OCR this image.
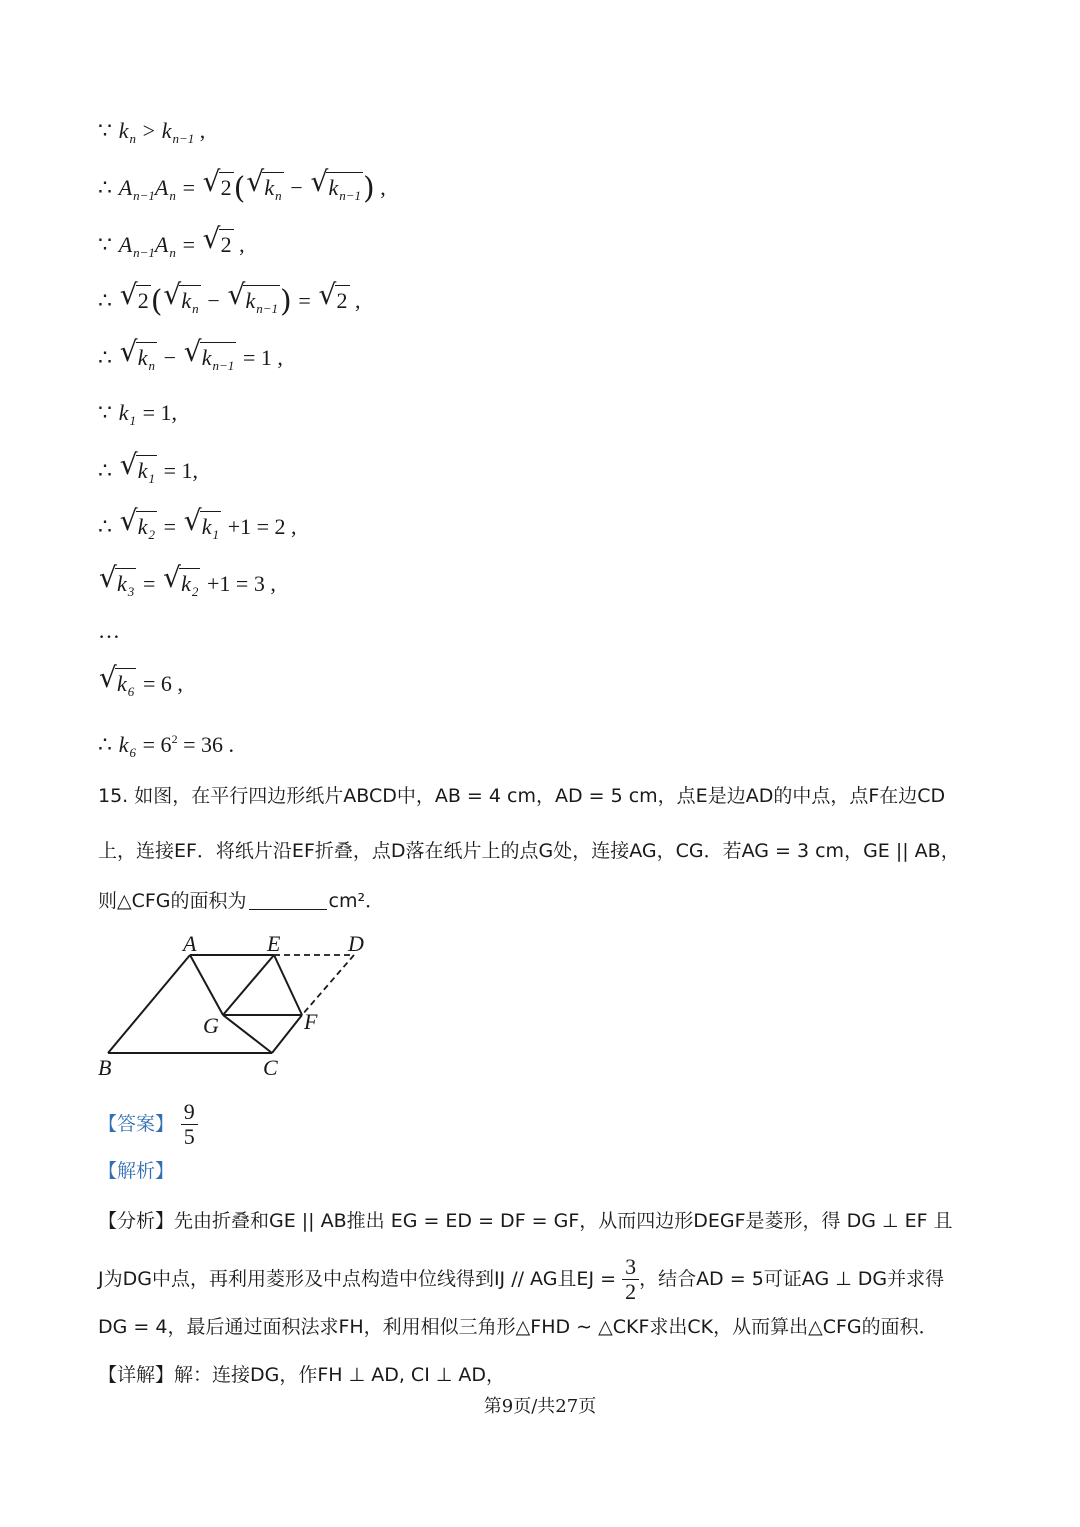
∵ $k_n > k_{n-1}$ ,
∴ $A_{n-1}A_n$ = √ 2( √ $k_n$ − √ $k_{n-1}$) ,
∵ $A_{n-1}A_n$ = √ 2 ,
∴ √ 2( √ $k_n$ − √ $k_{n-1}$) = √ 2 ,
∴ √ $k_n$ − √ $k_{n-1} = 1$ ,
∵ $k_1 = 1$,
∴ √ $k_1 = 1$,
∴ √ $k_2$ = √ $k_1 +1 = 2$ ,
√ $k_3$ = √ $k_2 +1 = 3$ ,
…
√ $k_6 = 6$ ,
∴ $k_6 = 6^2 = 36$ .
15. 如图，在平行四边形纸片ABCD中，AB = 4 cm，AD = 5 cm，点E是边AD的中点，点F在边CD
上，连接EF．将纸片沿EF折叠，点D落在纸片上的点G处，连接AG，CG．若AG = 3 cm，GE || AB，
则△CFG的面积为	cm²．
A	E	D
G	F
B	C
【答案】 $\frac{9}{5}$
【解析】
【分析】先由折叠和GE || AB推出 EG = ED = DF = GF，从而四边形DEGF是菱形，得 DG ⊥ EF 且
J为DG中点，再利用菱形及中点构造中位线得到IJ // AG且EJ = $\frac{3}{2}$ ，结合AD = 5可证AG ⊥ DG并求得
DG = 4，最后通过面积法求FH，利用相似三角形△FHD ∼ △CKF求出CK，从而算出△CFG的面积．
【详解】解：连接DG，作FH ⊥ AD, CI ⊥ AD，
第9页/共27页
